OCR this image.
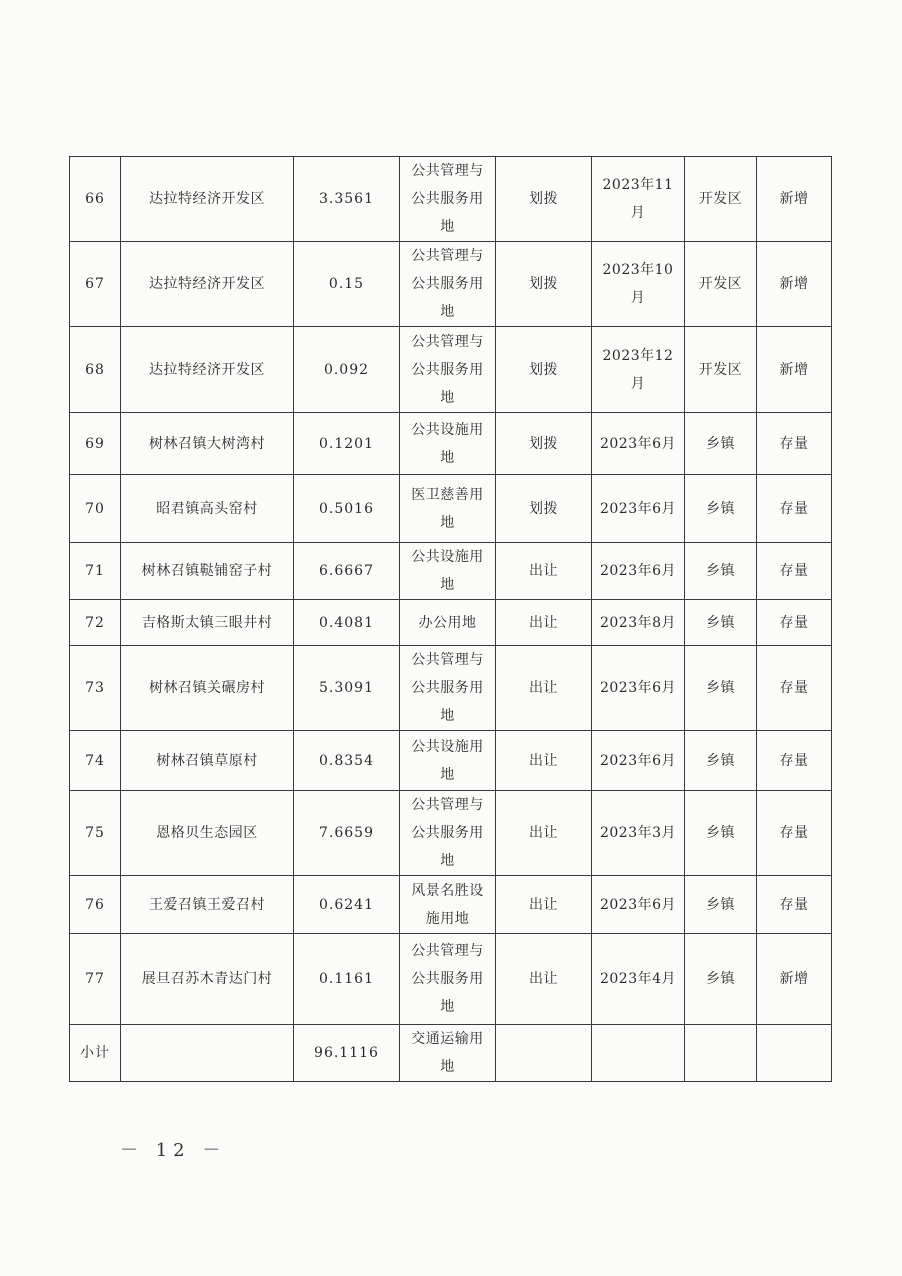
66	达拉特经济开发区	3.3561	公共管理与公共服务用地	划拨	2023年11月	开发区	新增
67	达拉特经济开发区	0.15	公共管理与公共服务用地	划拨	2023年10月	开发区	新增
68	达拉特经济开发区	0.092	公共管理与公共服务用地	划拨	2023年12月	开发区	新增
69	树林召镇大树湾村	0.1201	公共设施用地	划拨	2023年6月	乡镇	存量
70	昭君镇高头窑村	0.5016	医卫慈善用地	划拨	2023年6月	乡镇	存量
71	树林召镇鞑铺窑子村	6.6667	公共设施用地	出让	2023年6月	乡镇	存量
72	吉格斯太镇三眼井村	0.4081	办公用地	出让	2023年8月	乡镇	存量
73	树林召镇关碾房村	5.3091	公共管理与公共服务用地	出让	2023年6月	乡镇	存量
74	树林召镇草原村	0.8354	公共设施用地	出让	2023年6月	乡镇	存量
75	恩格贝生态园区	7.6659	公共管理与公共服务用地	出让	2023年3月	乡镇	存量
76	王爱召镇王爱召村	0.6241	风景名胜设施用地	出让	2023年6月	乡镇	存量
77	展旦召苏木青达门村	0.1161	公共管理与公共服务用地	出让	2023年4月	乡镇	新增
小计		96.1116	交通运输用地				
－ 12 －
